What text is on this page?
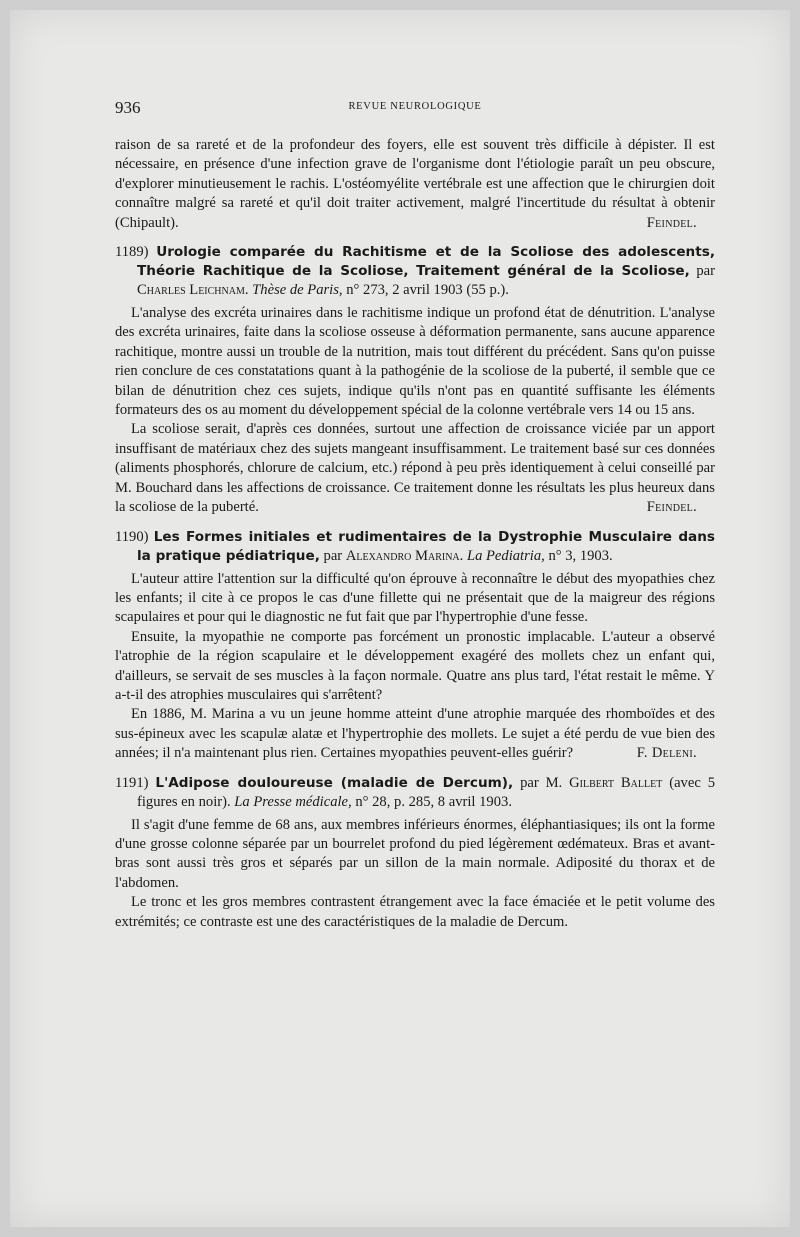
936	REVUE NEUROLOGIQUE

raison de sa rareté et de la profondeur des foyers, elle est souvent très difficile à dépister. Il est nécessaire, en présence d'une infection grave de l'organisme dont l'étiologie paraît un peu obscure, d'explorer minutieusement le rachis. L'ostéomyélite vertébrale est une affection que le chirurgien doit connaître malgré sa rareté et qu'il doit traiter activement, malgré l'incertitude du résultat à obtenir (Chipault).	Feindel.

1189) Urologie comparée du Rachitisme et de la Scoliose des adolescents, Théorie Rachitique de la Scoliose, Traitement général de la Scoliose, par Charles Leichnam. Thèse de Paris, n° 273, 2 avril 1903 (55 p.).

L'analyse des excréta urinaires dans le rachitisme indique un profond état de dénutrition. L'analyse des excréta urinaires, faite dans la scoliose osseuse à déformation permanente, sans aucune apparence rachitique, montre aussi un trouble de la nutrition, mais tout différent du précédent. Sans qu'on puisse rien conclure de ces constatations quant à la pathogénie de la scoliose de la puberté, il semble que ce bilan de dénutrition chez ces sujets, indique qu'ils n'ont pas en quantité suffisante les éléments formateurs des os au moment du développement spécial de la colonne vertébrale vers 14 ou 15 ans.

La scoliose serait, d'après ces données, surtout une affection de croissance viciée par un apport insuffisant de matériaux chez des sujets mangeant insuffisamment. Le traitement basé sur ces données (aliments phosphorés, chlorure de calcium, etc.) répond à peu près identiquement à celui conseillé par M. Bouchard dans les affections de croissance. Ce traitement donne les résultats les plus heureux dans la scoliose de la puberté.	Feindel.

1190) Les Formes initiales et rudimentaires de la Dystrophie Musculaire dans la pratique pédiatrique, par Alexandro Marina. La Pediatria, n° 3, 1903.

L'auteur attire l'attention sur la difficulté qu'on éprouve à reconnaître le début des myopathies chez les enfants; il cite à ce propos le cas d'une fillette qui ne présentait que de la maigreur des régions scapulaires et pour qui le diagnostic ne fut fait que par l'hypertrophie d'une fesse.

Ensuite, la myopathie ne comporte pas forcément un pronostic implacable. L'auteur a observé l'atrophie de la région scapulaire et le développement exagéré des mollets chez un enfant qui, d'ailleurs, se servait de ses muscles à la façon normale. Quatre ans plus tard, l'état restait le même. Y a-t-il des atrophies musculaires qui s'arrêtent?

En 1886, M. Marina a vu un jeune homme atteint d'une atrophie marquée des rhomboïdes et des sus-épineux avec les scapulæ alatæ et l'hypertrophie des mollets. Le sujet a été perdu de vue bien des années; il n'a maintenant plus rien. Certaines myopathies peuvent-elles guérir?	F. Deleni.

1191) L'Adipose douloureuse (maladie de Dercum), par M. Gilbert Ballet (avec 5 figures en noir). La Presse médicale, n° 28, p. 285, 8 avril 1903.

Il s'agit d'une femme de 68 ans, aux membres inférieurs énormes, éléphantiasiques; ils ont la forme d'une grosse colonne séparée par un bourrelet profond du pied légèrement œdémateux. Bras et avant-bras sont aussi très gros et séparés par un sillon de la main normale. Adiposité du thorax et de l'abdomen.

Le tronc et les gros membres contrastent étrangement avec la face émaciée et le petit volume des extrémités; ce contraste est une des caractéristiques de la maladie de Dercum.
